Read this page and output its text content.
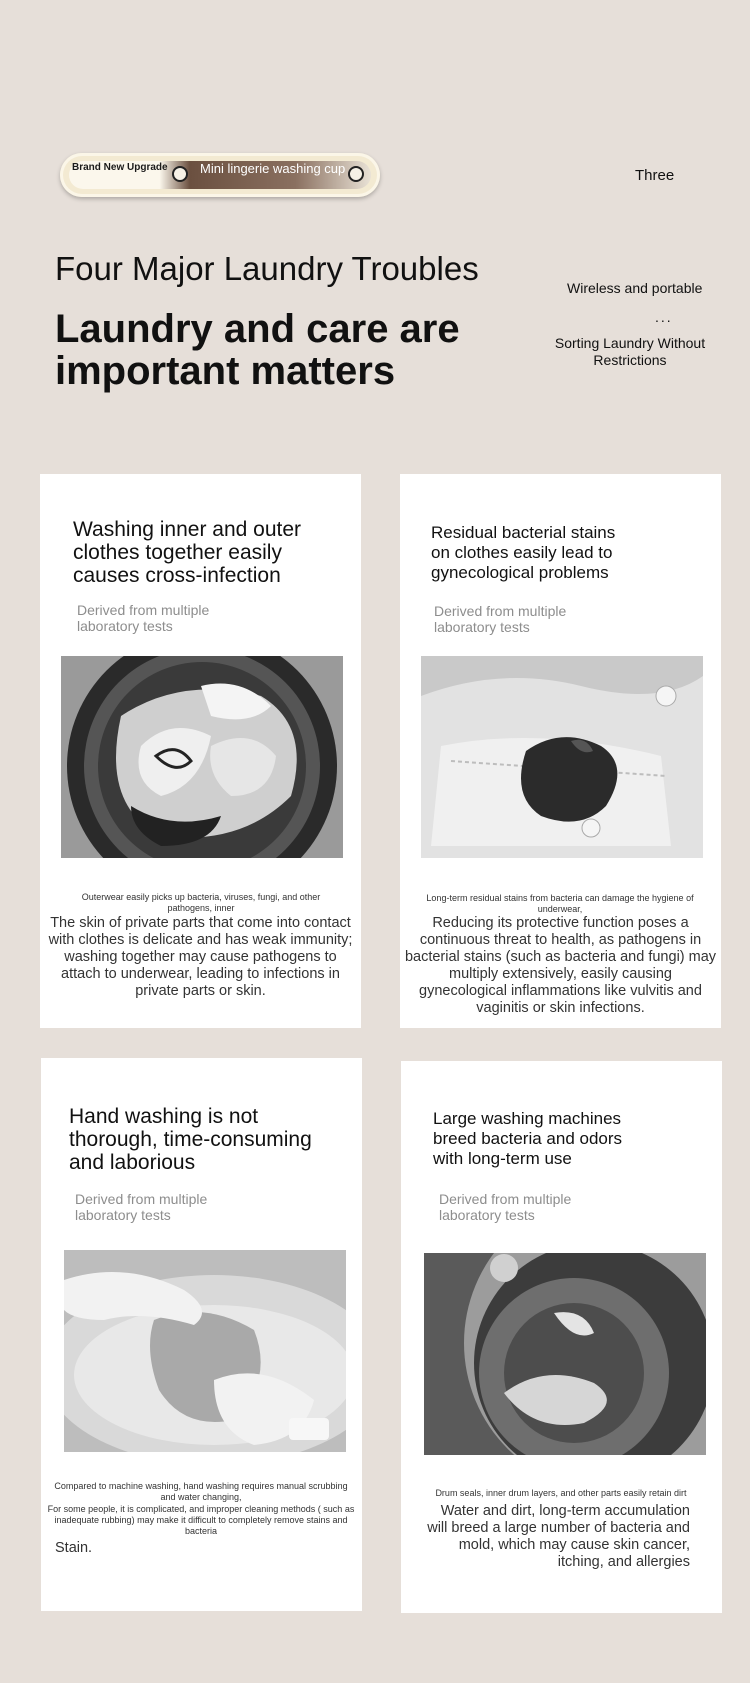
Brand New Upgrade Mini lingerie washing cup	Three
Four Major Laundry Troubles
Laundry and care are
important matters
Wireless and portable
...
Sorting Laundry Without Restrictions
Washing inner and outer
clothes together easily
causes cross-infection
Derived from multiple
laboratory tests
Outerwear easily picks up bacteria, viruses, fungi, and other pathogens, inner
The skin of private parts that come into contact with clothes is delicate and has weak immunity; washing together may cause pathogens to attach to underwear, leading to infections in private parts or skin.
Residual bacterial stains
on clothes easily lead to
gynecological problems
Derived from multiple
laboratory tests
Long-term residual stains from bacteria can damage the hygiene of underwear,
Reducing its protective function poses a continuous threat to health, as pathogens in bacterial stains (such as bacteria and fungi) may multiply extensively, easily causing gynecological inflammations like vulvitis and vaginitis or skin infections.
Hand washing is not
thorough, time-consuming
and laborious
Derived from multiple
laboratory tests
Compared to machine washing, hand washing requires manual scrubbing and water changing,
For some people, it is complicated, and improper cleaning methods ( such as inadequate rubbing) may make it difficult to completely remove stains and bacteria
Stain.
Large washing machines
breed bacteria and odors
with long-term use
Derived from multiple
laboratory tests
Drum seals, inner drum layers, and other parts easily retain dirt
Water and dirt, long-term accumulation
will breed a large number of bacteria and
mold, which may cause skin cancer,
itching, and allergies
